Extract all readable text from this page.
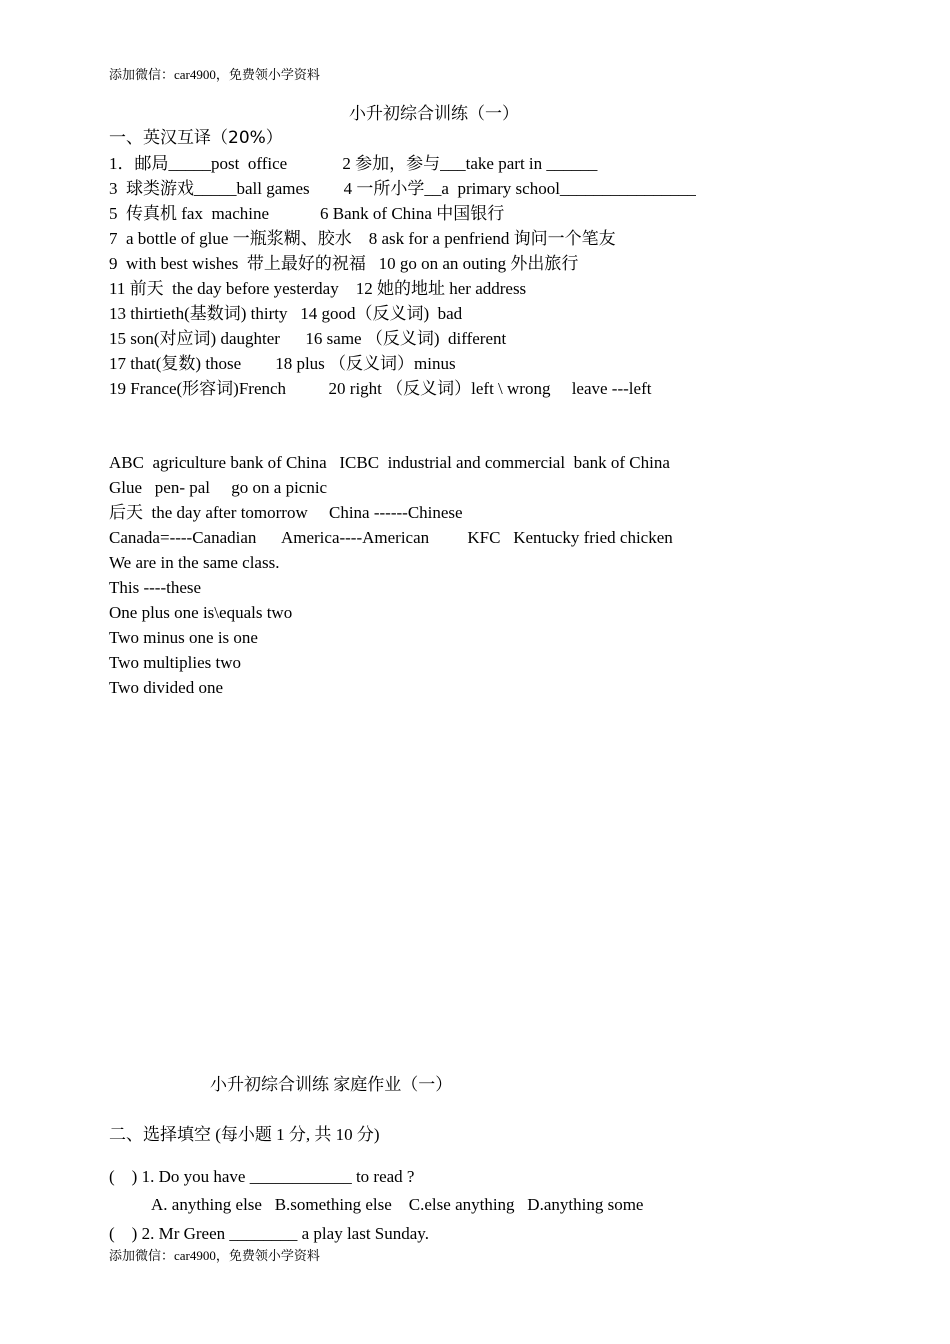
添加微信：car4900，免费领小学资料
小升初综合训练（一）
一、英汉互译（20%）
1．邮局_____post  office             2 参加，参与___take part in ______
3  球类游戏_____ball games        4 一所小学__a  primary school________________
5  传真机 fax  machine            6 Bank of China 中国银行
7  a bottle of glue 一瓶浆糊、胶水    8 ask for a penfriend 询问一个笔友
9  with best wishes  带上最好的祝福   10 go on an outing 外出旅行
11 前天  the day before yesterday    12 她的地址 her address
13 thirtieth(基数词) thirty   14 good（反义词)  bad
15 son(对应词) daughter      16 same （反义词)  different
17 that(复数) those        18 plus （反义词）minus
19 France(形容词)French          20 right （反义词）left \ wrong     leave ---left
ABC  agriculture bank of China   ICBC  industrial and commercial  bank of China
Glue   pen- pal     go on a picnic
后天  the day after tomorrow     China ------Chinese
Canada=----Canadian      America----American         KFC   Kentucky fried chicken
We are in the same class.
This ----these
One plus one is\equals two
Two minus one is one
Two multiplies two
Two divided one
小升初综合训练 家庭作业（一）
二、选择填空 (每小题 1 分, 共 10 分)
(    ) 1. Do you have ____________ to read ?
A. anything else   B.something else    C.else anything   D.anything some
(    ) 2. Mr Green ________ a play last Sunday.
添加微信：car4900，免费领小学资料
